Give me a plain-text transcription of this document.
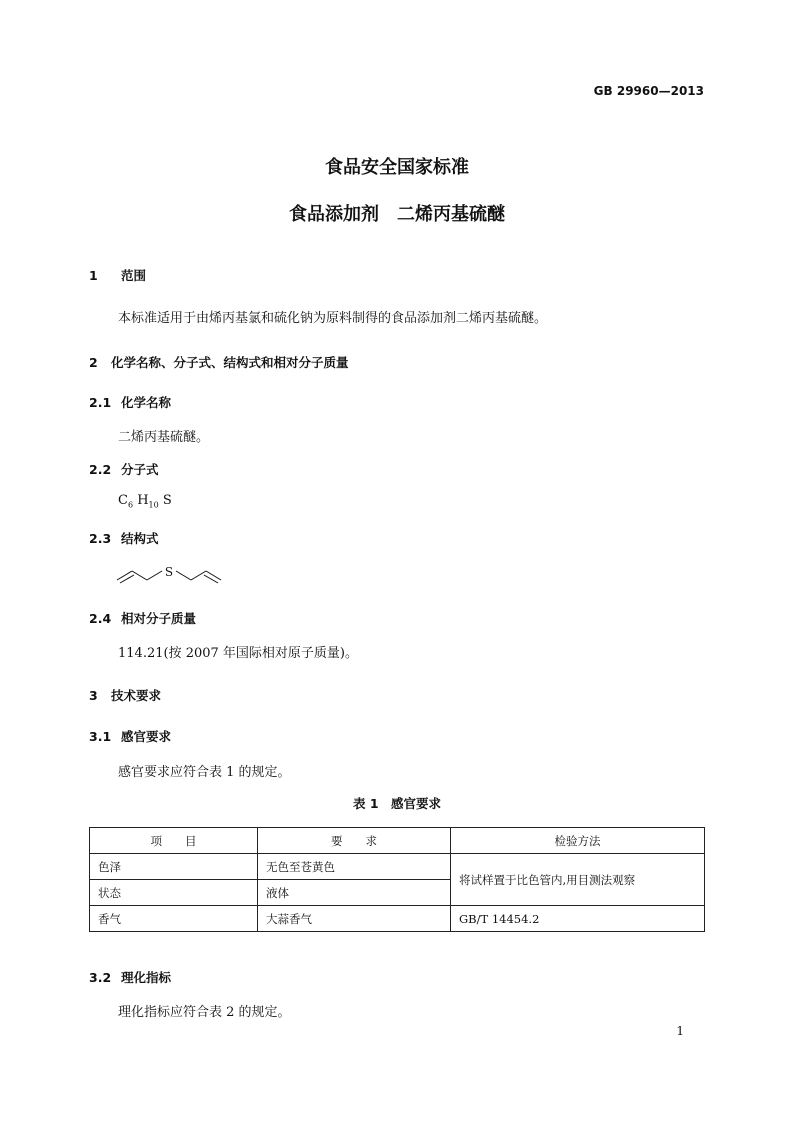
GB 29960—2013
食品安全国家标准
食品添加剂　二烯丙基硫醚
1 范围
本标准适用于由烯丙基氯和硫化钠为原料制得的食品添加剂二烯丙基硫醚。
2 化学名称、分子式、结构式和相对分子质量
2.1 化学名称
二烯丙基硫醚。
2.2 分子式
$C_6$ $H_{10}$ S
2.3 结构式
S
2.4 相对分子质量
114.21(按 2007 年国际相对原子质量)。
3 技术要求
3.1 感官要求
感官要求应符合表 1 的规定。
表 1　感官要求
项　　目	要　　求	检验方法
色泽	无色至苍黄色	将试样置于比色管内,用目测法观察
状态	液体	
香气	大蒜香气	GB/T 14454.2
3.2 理化指标
理化指标应符合表 2 的规定。
1
